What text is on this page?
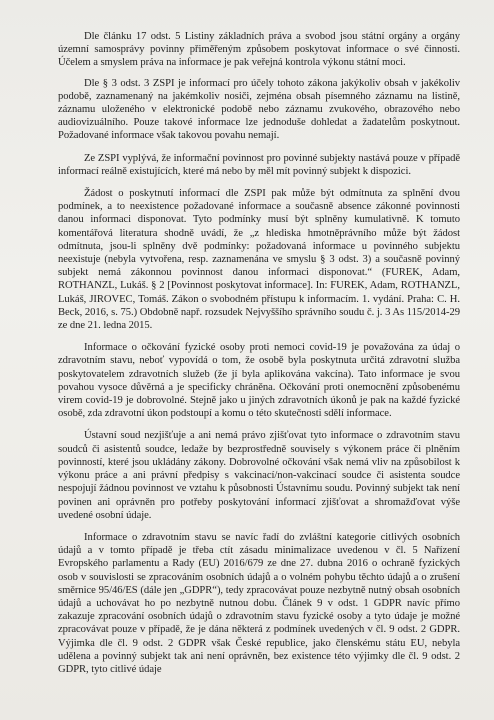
Dle článku 17 odst. 5 Listiny základních práva a svobod jsou státní orgány a orgány územní samosprávy povinny přiměřeným způsobem poskytovat informace o své činnosti. Účelem a smyslem práva na informace je pak veřejná kontrola výkonu státní moci.

Dle § 3 odst. 3 ZSPI je informací pro účely tohoto zákona jakýkoliv obsah v jakékoliv podobě, zaznamenaný na jakémkoliv nosiči, zejména obsah písemného záznamu na listině, záznamu uloženého v elektronické podobě nebo záznamu zvukového, obrazového nebo audiovizuálního. Pouze takové informace lze jednoduše dohledat a žadatelům poskytnout. Požadované informace však takovou povahu nemají.

Ze ZSPI vyplývá, že informační povinnost pro povinné subjekty nastává pouze v případě informací reálně existujících, které má nebo by měl mít povinný subjekt k dispozici.

Žádost o poskytnutí informací dle ZSPI pak může být odmítnuta za splnění dvou podmínek, a to neexistence požadované informace a současně absence zákonné povinnosti danou informaci disponovat. Tyto podmínky musí být splněny kumulativně. K tomuto komentářová literatura shodně uvádí, že „z hlediska hmotněprávního může být žádost odmítnuta, jsou-li splněny dvě podmínky: požadovaná informace u povinného subjektu neexistuje (nebyla vytvořena, resp. zaznamenána ve smyslu § 3 odst. 3) a současně povinný subjekt nemá zákonnou povinnost danou informaci disponovat.“ (FUREK, Adam, ROTHANZL, Lukáš. § 2 [Povinnost poskytovat informace]. In: FUREK, Adam, ROTHANZL, Lukáš, JIROVEC, Tomáš. Zákon o svobodném přístupu k informacím. 1. vydání. Praha: C. H. Beck, 2016, s. 75.) Obdobně např. rozsudek Nejvyššího správního soudu č. j. 3 As 115/2014-29 ze dne 21. ledna 2015.

Informace o očkování fyzické osoby proti nemoci covid-19 je považována za údaj o zdravotním stavu, neboť vypovídá o tom, že osobě byla poskytnuta určitá zdravotní služba poskytovatelem zdravotních služeb (že jí byla aplikována vakcína). Tato informace je svou povahou vysoce důvěrná a je specificky chráněna. Očkování proti onemocnění způsobenému virem covid-19 je dobrovolné. Stejně jako u jiných zdravotních úkonů je pak na každé fyzické osobě, zda zdravotní úkon podstoupí a komu o této skutečnosti sdělí informace.

Ústavní soud nezjišťuje a ani nemá právo zjišťovat tyto informace o zdravotním stavu soudců či asistentů soudce, ledaže by bezprostředně souvisely s výkonem práce či plněním povinností, které jsou ukládány zákony. Dobrovolné očkování však nemá vliv na způsobilost k výkonu práce a ani právní předpisy s vakcinací/non-vakcinací soudce či asistenta soudce nespojují žádnou povinnost ve vztahu k působnosti Ústavnímu soudu. Povinný subjekt tak není povinen ani oprávněn pro potřeby poskytování informací zjišťovat a shromažďovat výše uvedené osobní údaje.

Informace o zdravotním stavu se navíc řadí do zvláštní kategorie citlivých osobních údajů a v tomto případě je třeba ctít zásadu minimalizace uvedenou v čl. 5 Nařízení Evropského parlamentu a Rady (EU) 2016/679 ze dne 27. dubna 2016 o ochraně fyzických osob v souvislosti se zpracováním osobních údajů a o volném pohybu těchto údajů a o zrušení směrnice 95/46/ES (dále jen „GDPR“), tedy zpracovávat pouze nezbytně nutný obsah osobních údajů a uchovávat ho po nezbytně nutnou dobu. Článek 9 v odst. 1 GDPR navíc přímo zakazuje zpracování osobních údajů o zdravotním stavu fyzické osoby a tyto údaje je možné zpracovávat pouze v případě, že je dána některá z podmínek uvedených v čl. 9 odst. 2 GDPR. Výjimka dle čl. 9 odst. 2 GDPR však České republice, jako členskému státu EU, nebyla udělena a povinný subjekt tak ani není oprávněn, bez existence této výjimky dle čl. 9 odst. 2 GDPR, tyto citlivé údaje
